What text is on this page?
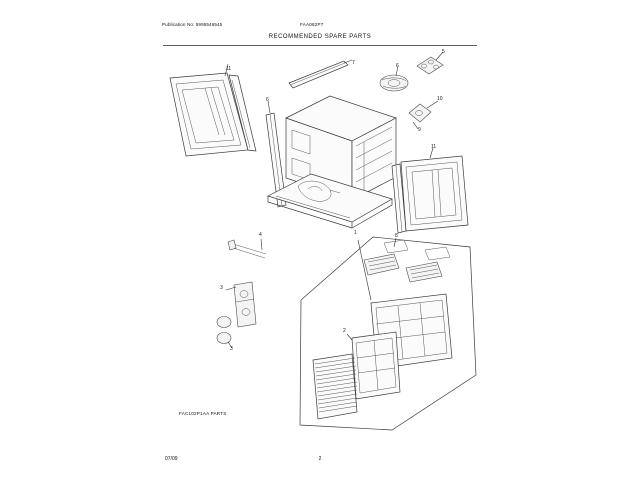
Publication No: 5995546545	FAA082P7
RECOMMENDED SPARE PARTS
11
7	6
5
10
9
6
11
1	8
4
3
3
2
FAC102P1AA PARTS
07/09	2
